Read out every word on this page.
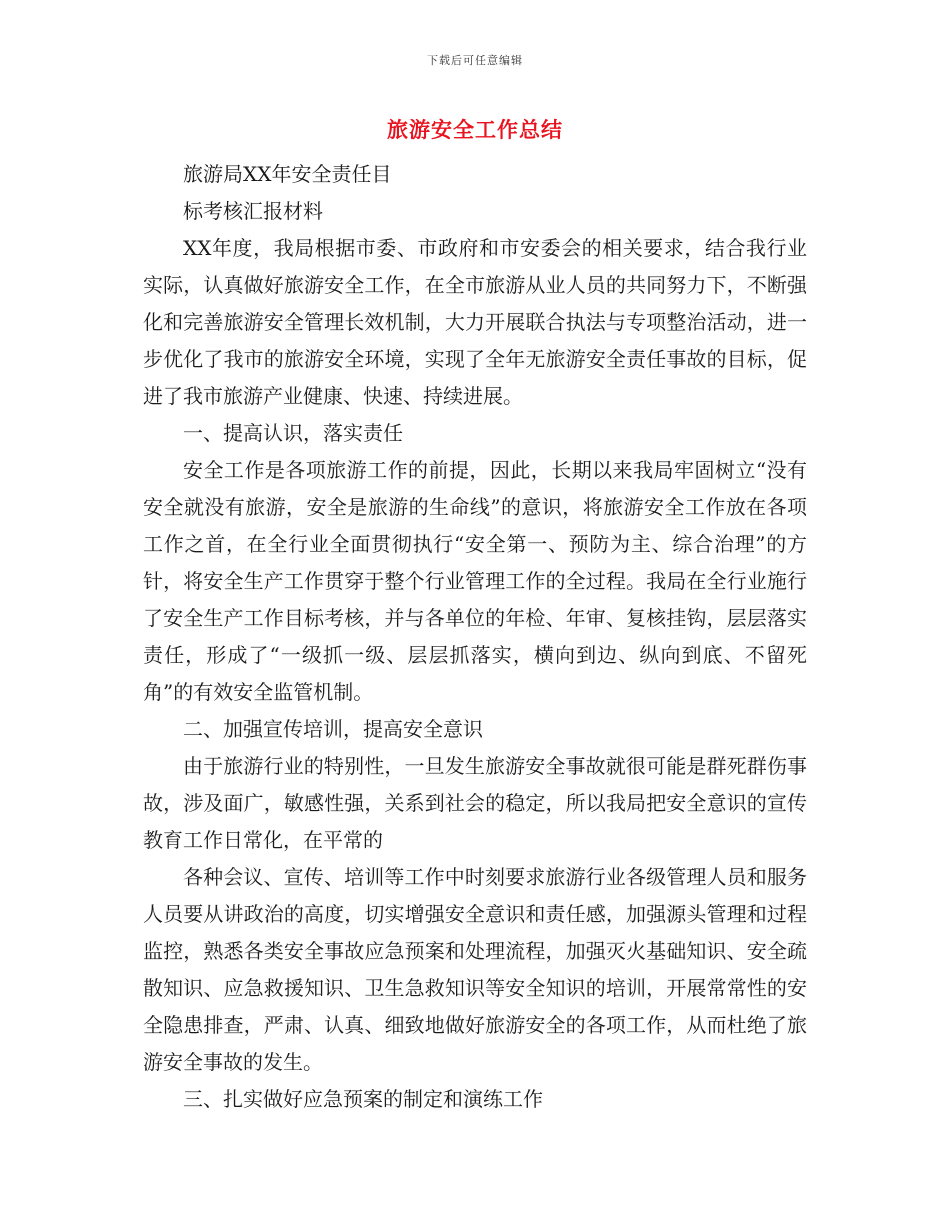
下载后可任意编辑
旅游安全工作总结

旅游局XX年安全责任目

标考核汇报材料

XX年度，我局根据市委、市政府和市安委会的相关要求，结合我行业实际，认真做好旅游安全工作，在全市旅游从业人员的共同努力下，不断强化和完善旅游安全管理长效机制，大力开展联合执法与专项整治活动，进一步优化了我市的旅游安全环境，实现了全年无旅游安全责任事故的目标，促进了我市旅游产业健康、快速、持续进展。

一、提高认识，落实责任

安全工作是各项旅游工作的前提，因此，长期以来我局牢固树立“没有安全就没有旅游，安全是旅游的生命线”的意识，将旅游安全工作放在各项工作之首，在全行业全面贯彻执行“安全第一、预防为主、综合治理”的方针，将安全生产工作贯穿于整个行业管理工作的全过程。我局在全行业施行了安全生产工作目标考核，并与各单位的年检、年审、复核挂钩，层层落实责任，形成了“一级抓一级、层层抓落实，横向到边、纵向到底、不留死角”的有效安全监管机制。

二、加强宣传培训，提高安全意识

由于旅游行业的特别性，一旦发生旅游安全事故就很可能是群死群伤事故，涉及面广，敏感性强，关系到社会的稳定，所以我局把安全意识的宣传教育工作日常化，在平常的

各种会议、宣传、培训等工作中时刻要求旅游行业各级管理人员和服务人员要从讲政治的高度，切实增强安全意识和责任感，加强源头管理和过程监控，熟悉各类安全事故应急预案和处理流程，加强灭火基础知识、安全疏散知识、应急救援知识、卫生急救知识等安全知识的培训，开展常常性的安全隐患排查，严肃、认真、细致地做好旅游安全的各项工作，从而杜绝了旅游安全事故的发生。

三、扎实做好应急预案的制定和演练工作
